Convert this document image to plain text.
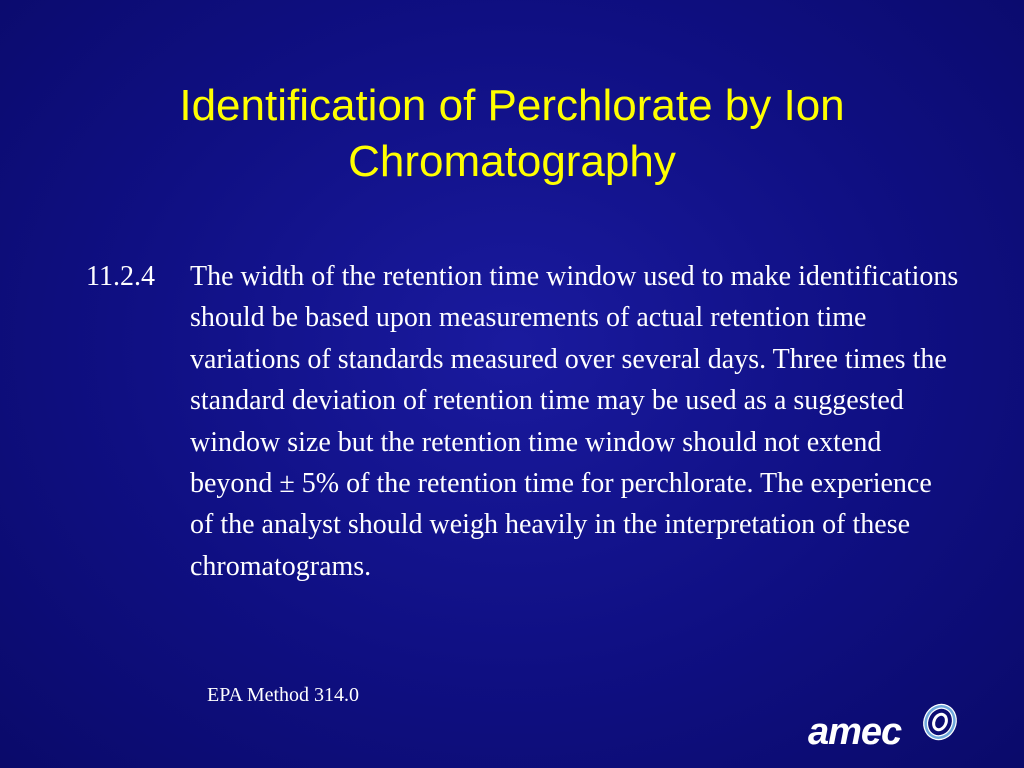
Identification of Perchlorate by Ion Chromatography
11.2.4 The width of the retention time window used to make identifications should be based upon measurements of actual retention time variations of standards measured over several days. Three times the standard deviation of retention time may be used as a suggested window size but the retention time window should not extend beyond ± 5% of the retention time for perchlorate. The experience of the analyst should weigh heavily in the interpretation of these chromatograms.

EPA Method 314.0
amec
